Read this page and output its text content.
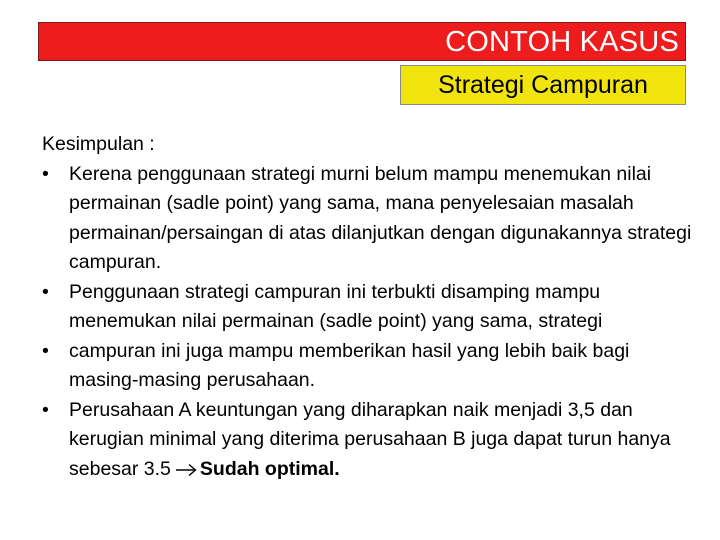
CONTOH KASUS
Strategi Campuran
Kesimpulan :
• Kerena penggunaan strategi murni belum mampu menemukan nilai permainan (sadle point) yang sama, mana penyelesaian masalah permainan/persaingan di atas dilanjutkan dengan digunakannya strategi campuran.
• Penggunaan strategi campuran ini terbukti disamping mampu menemukan nilai permainan (sadle point) yang sama, strategi
• campuran ini juga mampu memberikan hasil yang lebih baik bagi masing-masing perusahaan.
• Perusahaan A keuntungan yang diharapkan naik menjadi 3,5 dan kerugian minimal yang diterima perusahaan B juga dapat turun hanya sebesar 3.5 Sudah optimal.
